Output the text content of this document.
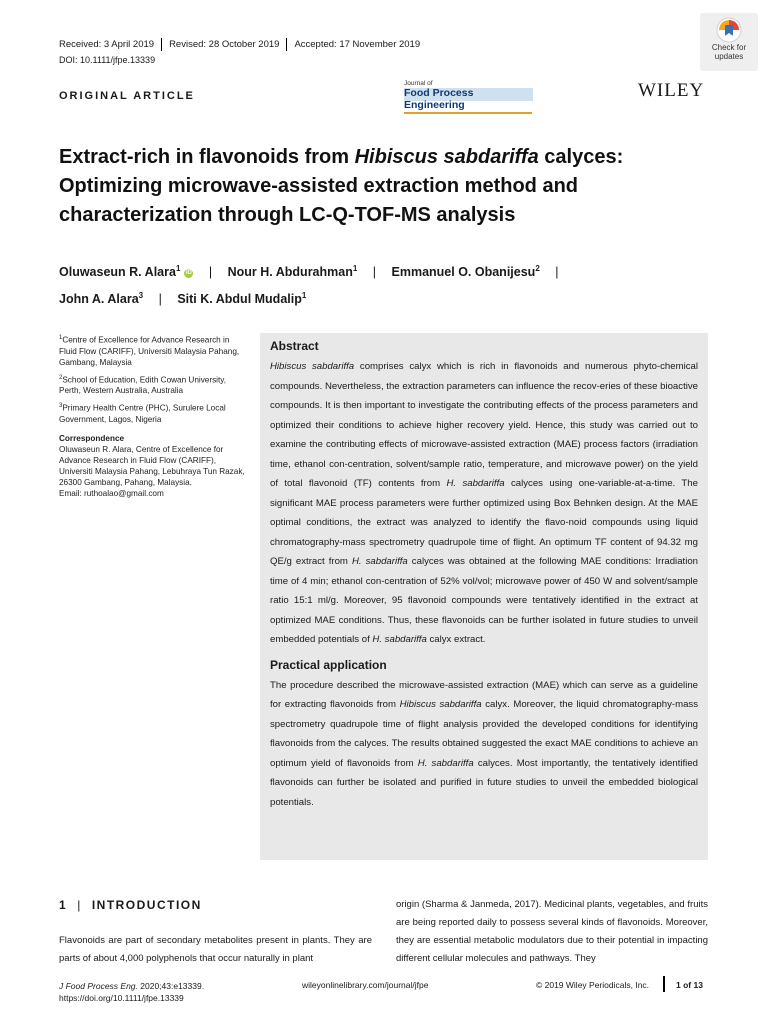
Received: 3 April 2019 Revised: 28 October 2019 Accepted: 17 November 2019
DOI: 10.1111/jfpe.13339
Check for
updates
ORIGINAL ARTICLE
Journal of
Food Process Engineering
WILEY
Extract-rich in flavonoids from Hibiscus sabdariffa calyces: Optimizing microwave-assisted extraction method and characterization through LC-Q-TOF-MS analysis
Oluwaseun R. Alara$^1$iD | Nour H. Abdurahman$^1$ | Emmanuel O. Obanijesu$^2$ |
John A. Alara$^3$ | Siti K. Abdul Mudalip$^1$

$^1$Centre of Excellence for Advance Research in Fluid Flow (CARIFF), Universiti Malaysia Pahang, Gambang, Malaysia

$^2$School of Education, Edith Cowan University, Perth, Western Australia, Australia

$^3$Primary Health Centre (PHC), Surulere Local Government, Lagos, Nigeria

Correspondence

Oluwaseun R. Alara, Centre of Excellence for Advance Research in Fluid Flow (CARIFF), Universiti Malaysia Pahang, Lebuhraya Tun Razak, 26300 Gambang, Pahang, Malaysia.
Email: ruthoalao@gmail.com

Abstract

Hibiscus sabdariffa comprises calyx which is rich in flavonoids and numerous phyto-chemical compounds. Nevertheless, the extraction parameters can influence the recov-eries of these bioactive compounds. It is then important to investigate the contributing effects of the process parameters and optimized their conditions to achieve higher recovery yield. Hence, this study was carried out to examine the contributing effects of microwave-assisted extraction (MAE) process factors (irradiation time, ethanol con-centration, solvent/sample ratio, temperature, and microwave power) on the yield of total flavonoid (TF) contents from H. sabdariffa calyces using one-variable-at-a-time. The significant MAE process parameters were further optimized using Box Behnken design. At the MAE optimal conditions, the extract was analyzed to identify the flavo-noid compounds using liquid chromatography-mass spectrometry quadrupole time of flight. An optimum TF content of 94.32 mg QE/g extract from H. sabdariffa calyces was obtained at the following MAE conditions: Irradiation time of 4 min; ethanol con-centration of 52% vol/vol; microwave power of 450 W and solvent/sample ratio 15:1 ml/g. Moreover, 95 flavonoid compounds were tentatively identified in the extract at optimized MAE conditions. Thus, these flavonoids can be further isolated in future studies to unveil embedded potentials of H. sabdariffa calyx extract.

Practical application

The procedure described the microwave-assisted extraction (MAE) which can serve as a guideline for extracting flavonoids from Hibiscus sabdariffa calyx. Moreover, the liquid chromatography-mass spectrometry quadrupole time of flight analysis provided the developed conditions for identifying flavonoids from the calyces. The results obtained suggested the exact MAE conditions to achieve an optimum yield of flavonoids from H. sabdariffa calyces. Most importantly, the tentatively identified flavonoids can further be isolated and purified in future studies to unveil the embedded biological potentials.

1 | INTRODUCTION
Flavonoids are part of secondary metabolites present in plants. They are parts of about 4,000 polyphenols that occur naturally in plant
origin (Sharma & Janmeda, 2017). Medicinal plants, vegetables, and fruits are being reported daily to possess several kinds of flavonoids. Moreover, they are essential metabolic modulators due to their potential in impacting different cellular molecules and pathways. They
J Food Process Eng. 2020;43:e13339.
https://doi.org/10.1111/jfpe.13339
wileyonlinelibrary.com/journal/jfpe	© 2019 Wiley Periodicals, Inc.	1 of 13
